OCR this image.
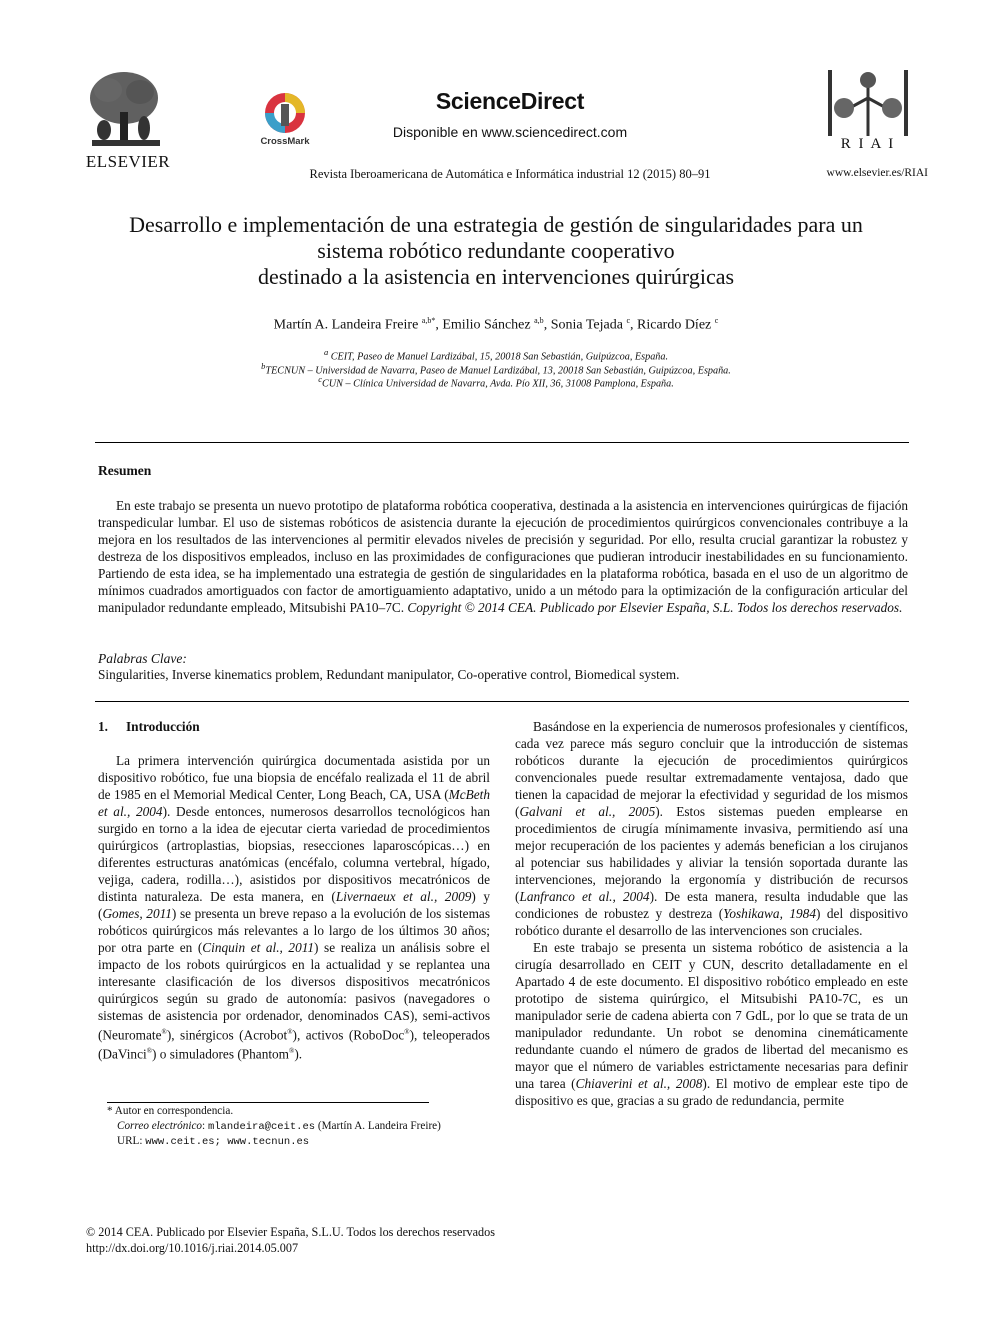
ELSEVIER
CrossMark
ScienceDirect
Disponible en www.sciencedirect.com
Revista Iberoamericana de Automática e Informática industrial 12 (2015) 80–91
R I A I
www.elsevier.es/RIAI
Desarrollo e implementación de una estrategia de gestión de singularidades para un
sistema robótico redundante cooperativo
destinado a la asistencia en intervenciones quirúrgicas
Martín A. Landeira Freire $^{a,b*}$, Emilio Sánchez $^{a,b}$, Sonia Tejada $^c$, Ricardo Díez $^c$
$^a$ CEIT, Paseo de Manuel Lardizábal, 15, 20018 San Sebastián, Guipúzcoa, España.
$^b$TECNUN – Universidad de Navarra, Paseo de Manuel Lardizábal, 13, 20018 San Sebastián, Guipúzcoa, España.
$^c$CUN – Clínica Universidad de Navarra, Avda. Pío XII, 36, 31008 Pamplona, España.
Resumen
En este trabajo se presenta un nuevo prototipo de plataforma robótica cooperativa, destinada a la asistencia en intervenciones quirúrgicas de fijación transpedicular lumbar. El uso de sistemas robóticos de asistencia durante la ejecución de procedimientos quirúrgicos convencionales contribuye a la mejora en los resultados de las intervenciones al permitir elevados niveles de precisión y seguridad. Por ello, resulta crucial garantizar la robustez y destreza de los dispositivos empleados, incluso en las proximidades de configuraciones que pudieran introducir inestabilidades en su funcionamiento. Partiendo de esta idea, se ha implementado una estrategia de gestión de singularidades en la plataforma robótica, basada en el uso de un algoritmo de mínimos cuadrados amortiguados con factor de amortiguamiento adaptativo, unido a un método para la optimización de la configuración articular del manipulador redundante empleado, Mitsubishi PA10–7C. Copyright © 2014 CEA. Publicado por Elsevier España, S.L. Todos los derechos reservados.
Palabras Clave:
Singularities, Inverse kinematics problem, Redundant manipulator, Co-operative control, Biomedical system.
1. Introducción

La primera intervención quirúrgica documentada asistida por un dispositivo robótico, fue una biopsia de encéfalo realizada el 11 de abril de 1985 en el Memorial Medical Center, Long Beach, CA, USA (McBeth et al., 2004). Desde entonces, numerosos desarrollos tecnológicos han surgido en torno a la idea de ejecutar cierta variedad de procedimientos quirúrgicos (artroplastias, biopsias, resecciones laparoscópicas…) en diferentes estructuras anatómicas (encéfalo, columna vertebral, hígado, vejiga, cadera, rodilla…), asistidos por dispositivos mecatrónicos de distinta naturaleza. De esta manera, en (Livernaeux et al., 2009) y (Gomes, 2011) se presenta un breve repaso a la evolución de los sistemas robóticos quirúrgicos más relevantes a lo largo de los últimos 30 años; por otra parte en (Cinquin et al., 2011) se realiza un análisis sobre el impacto de los robots quirúrgicos en la actualidad y se replantea una interesante clasificación de los diversos dispositivos mecatrónicos quirúrgicos según su grado de autonomía: pasivos (navegadores o sistemas de asistencia por ordenador, denominados CAS), semi-activos (Neuromate®), sinérgicos (Acrobot®), activos (RoboDoc®), teleoperados (DaVinci®) o simuladores (Phantom®).

Basándose en la experiencia de numerosos profesionales y científicos, cada vez parece más seguro concluir que la introducción de sistemas robóticos durante la ejecución de procedimientos quirúrgicos convencionales puede resultar extremadamente ventajosa, dado que tienen la capacidad de mejorar la efectividad y seguridad de los mismos (Galvani et al., 2005). Estos sistemas pueden emplearse en procedimientos de cirugía mínimamente invasiva, permitiendo así una mejor recuperación de los pacientes y además benefician a los cirujanos al potenciar sus habilidades y aliviar la tensión soportada durante las intervenciones, mejorando la ergonomía y distribución de recursos (Lanfranco et al., 2004). De esta manera, resulta indudable que las condiciones de robustez y destreza (Yoshikawa, 1984) del dispositivo robótico durante el desarrollo de las intervenciones son cruciales.

En este trabajo se presenta un sistema robótico de asistencia a la cirugía desarrollado en CEIT y CUN, descrito detalladamente en el Apartado 4 de este documento. El dispositivo robótico empleado en este prototipo de sistema quirúrgico, el Mitsubishi PA10-7C, es un manipulador serie de cadena abierta con 7 GdL, por lo que se trata de un manipulador redundante. Un robot se denomina cinemáticamente redundante cuando el número de grados de libertad del mecanismo es mayor que el número de variables estrictamente necesarias para definir una tarea (Chiaverini et al., 2008). El motivo de emplear este tipo de dispositivo es que, gracias a su grado de redundancia, permite

* Autor en correspondencia.
Correo electrónico: mlandeira@ceit.es (Martín A. Landeira Freire)
URL: www.ceit.es; www.tecnun.es
© 2014 CEA. Publicado por Elsevier España, S.L.U. Todos los derechos reservados
http://dx.doi.org/10.1016/j.riai.2014.05.007
